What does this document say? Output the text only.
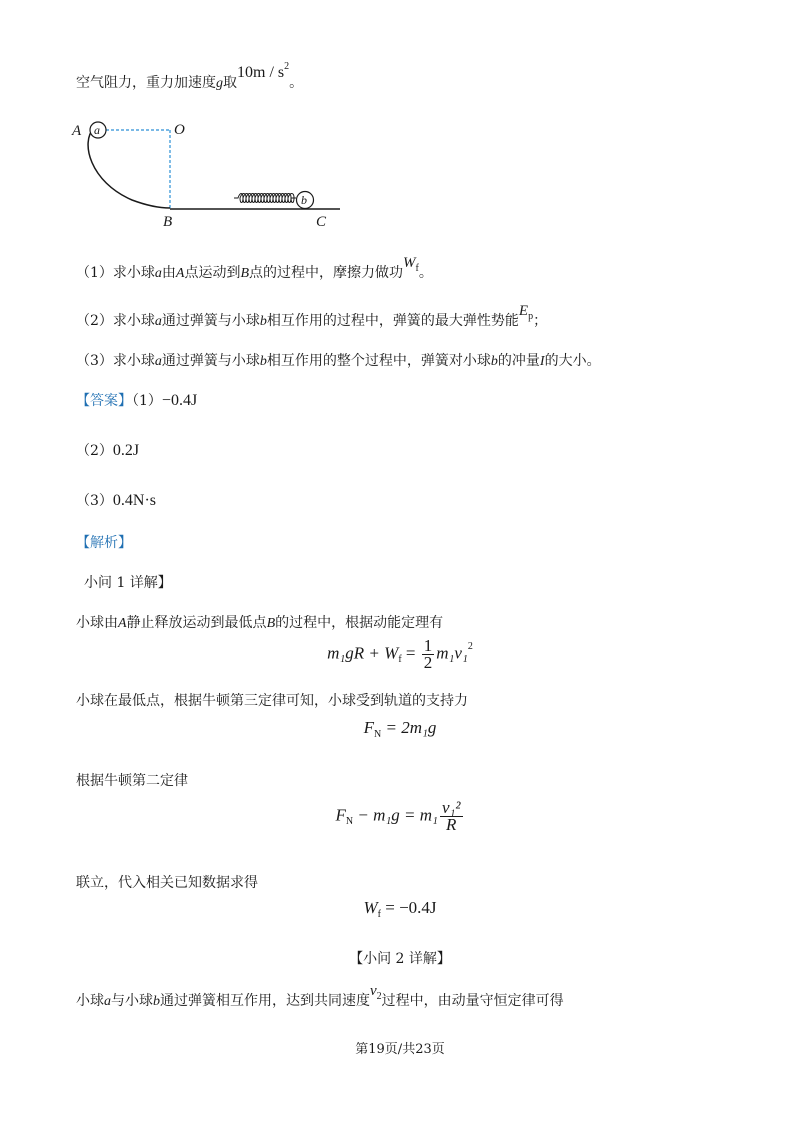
空气阻力，重力加速度g取$10m / s^2$。
A a	O
B	C
b
（1）求小球a由A点运动到B点的过程中，摩擦力做功$W^f$。
（2）求小球a通过弹簧与小球b相互作用的过程中，弹簧的最大弹性势能$E^p$；
（3）求小球a通过弹簧与小球b相互作用的整个过程中，弹簧对小球b的冲量I的大小。
【答案】（1）−0.4J
（2）0.2J
（3）0.4N·s
【解析】
小问 1 详解】
小球由A静止释放运动到最低点B的过程中，根据动能定理有
$m_1gR + W_f = \frac{1}{2} m_1v_1^2$
小球在最低点，根据牛顿第三定律可知，小球受到轨道的支持力
$F_N = 2m_1g$
根据牛顿第二定律
$F_N - m_1g = m_1 \frac{\text{v₁²}}{R}$
联立，代入相关已知数据求得
$W_f = -0.4J$
【小问 2 详解】
小球a与小球b通过弹簧相互作用，达到共同速度$v^2$过程中，由动量守恒定律可得
第19页/共23页
